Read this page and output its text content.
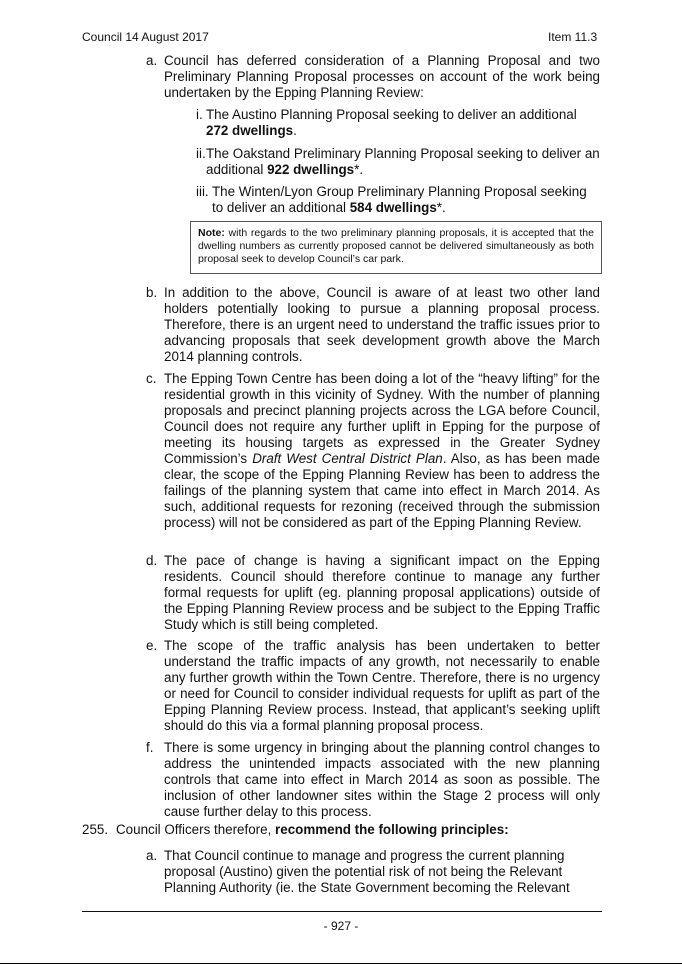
Council 14 August 2017	Item 11.3
a. Council has deferred consideration of a Planning Proposal and two Preliminary Planning Proposal processes on account of the work being undertaken by the Epping Planning Review:
i. The Austino Planning Proposal seeking to deliver an additional 272 dwellings.
ii. The Oakstand Preliminary Planning Proposal seeking to deliver an additional 922 dwellings*.
iii. The Winten/Lyon Group Preliminary Planning Proposal seeking to deliver an additional 584 dwellings*.
Note: with regards to the two preliminary planning proposals, it is accepted that the dwelling numbers as currently proposed cannot be delivered simultaneously as both proposal seek to develop Council’s car park.
b. In addition to the above, Council is aware of at least two other land holders potentially looking to pursue a planning proposal process. Therefore, there is an urgent need to understand the traffic issues prior to advancing proposals that seek development growth above the March 2014 planning controls.
c. The Epping Town Centre has been doing a lot of the “heavy lifting” for the residential growth in this vicinity of Sydney. With the number of planning proposals and precinct planning projects across the LGA before Council, Council does not require any further uplift in Epping for the purpose of meeting its housing targets as expressed in the Greater Sydney Commission’s Draft West Central District Plan. Also, as has been made clear, the scope of the Epping Planning Review has been to address the failings of the planning system that came into effect in March 2014. As such, additional requests for rezoning (received through the submission process) will not be considered as part of the Epping Planning Review.
d. The pace of change is having a significant impact on the Epping residents. Council should therefore continue to manage any further formal requests for uplift (eg. planning proposal applications) outside of the Epping Planning Review process and be subject to the Epping Traffic Study which is still being completed.
e. The scope of the traffic analysis has been undertaken to better understand the traffic impacts of any growth, not necessarily to enable any further growth within the Town Centre. Therefore, there is no urgency or need for Council to consider individual requests for uplift as part of the Epping Planning Review process. Instead, that applicant’s seeking uplift should do this via a formal planning proposal process.
f. There is some urgency in bringing about the planning control changes to address the unintended impacts associated with the new planning controls that came into effect in March 2014 as soon as possible. The inclusion of other landowner sites within the Stage 2 process will only cause further delay to this process.
255. Council Officers therefore, recommend the following principles:
a. That Council continue to manage and progress the current planning proposal (Austino) given the potential risk of not being the Relevant Planning Authority (ie. the State Government becoming the Relevant
- 927 -
